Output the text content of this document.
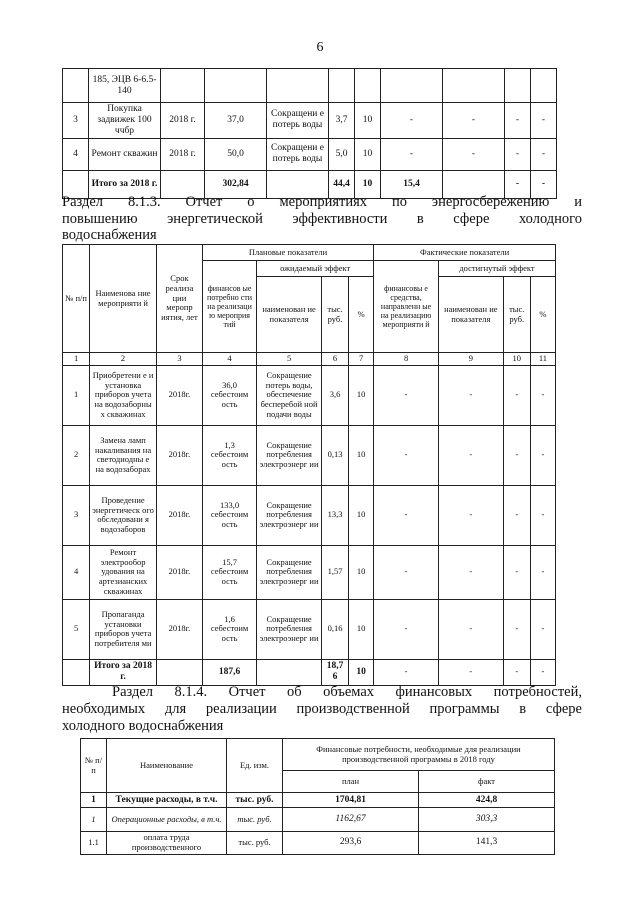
6
	185, ЭЦВ 6-6.5-140									
3	Покупка задвижек 100 ччбр	2018 г.	37,0	Сокращени е потерь воды	3,7	10	-	-	-	-
4	Ремонт скважин	2018 г.	50,0	Сокращени е потерь воды	5,0	10	-	-	-	-
	Итого за 2018 г.		302,84		44,4	10	15,4		-	-
Раздел 8.1.3. Отчет о мероприятиях по энергосбережению и
повышению энергетической эффективности в сфере холодного
водоснабжения
№ п/п	Наименова ние мероприяти й	Срок реализа ции меропр иятия, лет	Плановые показатели				Фактические показатели			
			финансов ые потребно сти на реализаци ю мероприя тий	ожидаемый эффект			финансовы е средства, направленн ые на реализацию мероприяти й	достигнутый эффект		
				наименован ие показателя	тыс. руб.	%		наименован ие показателя	тыс. руб.	%
1	2	3	4	5	6	7	8	9	10	11
1	Приобретени е и установка приборов учета на водозаборны х скважинах	2018г.	36,0 себестоим ость	Сокращение потерь воды, обеспечение бесперебой ной подачи воды	3,6	10	-	-	-	-
2	Замена ламп накаливания на светодиодны е на водозаборах	2018г.	1,3 себестоим ость	Сокращение потребления электроэнерг ии	0,13	10	-	-	-	-
3	Проведение энергетическ ого обследовани я водозаборов	2018г.	133,0 себестоим ость	Сокращение потребления электроэнерг ии	13,3	10	-	-	-	-
4	Ремонт электрообор удования на артезианских скважинах	2018г.	15,7 себестоим ость	Сокращение потребления электроэнерг ии	1,57	10	-	-	-	-
5	Пропаганда установки приборов учета потребителя ми	2018г.	1,6 себестоим ость	Сокращение потребления электроэнерг ии	0,16	10	-	-	-	-
	Итого за 2018 г.		187,6		18,7 6	10	-	-	-	-
Раздел 8.1.4. Отчет об объемах финансовых потребностей,
необходимых для реализации производственной программы в сфере
холодного водоснабжения
№ п/п	Наименование	Ед. изм.	Финансовые потребности, необходимые для реализации производственной программы в 2018 году	
			план	факт
1	Текущие расходы, в т.ч.	тыс. руб.	1704,81	424,8
1	Операционные расходы, в т.ч.	тыс. руб.	1162,67	303,3
1.1	оплата труда производственного	тыс. руб.	293,6	141,3
